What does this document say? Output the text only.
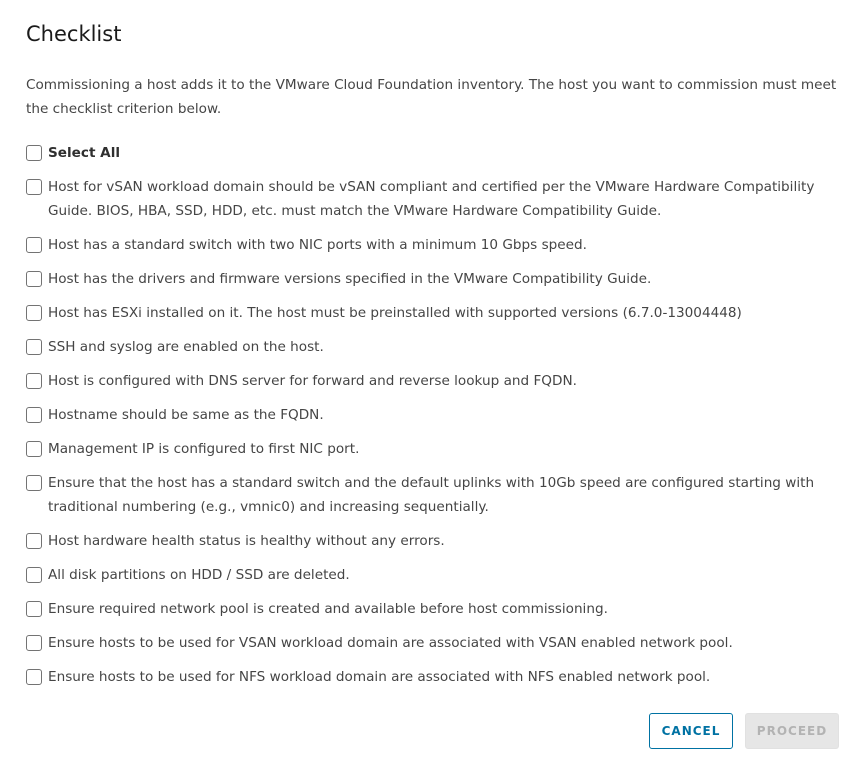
Checklist

Commissioning a host adds it to the VMware Cloud Foundation inventory. The host you want to commission must meet the checklist criterion below.

Select All
Host for vSAN workload domain should be vSAN compliant and certified per the VMware Hardware Compatibility Guide. BIOS, HBA, SSD, HDD, etc. must match the VMware Hardware Compatibility Guide.
Host has a standard switch with two NIC ports with a minimum 10 Gbps speed.
Host has the drivers and firmware versions specified in the VMware Compatibility Guide.
Host has ESXi installed on it. The host must be preinstalled with supported versions (6.7.0-13004448)
SSH and syslog are enabled on the host.
Host is configured with DNS server for forward and reverse lookup and FQDN.
Hostname should be same as the FQDN.
Management IP is configured to first NIC port.
Ensure that the host has a standard switch and the default uplinks with 10Gb speed are configured starting with traditional numbering (e.g., vmnic0) and increasing sequentially.
Host hardware health status is healthy without any errors.
All disk partitions on HDD / SSD are deleted.
Ensure required network pool is created and available before host commissioning.
Ensure hosts to be used for VSAN workload domain are associated with VSAN enabled network pool.
Ensure hosts to be used for NFS workload domain are associated with NFS enabled network pool.
CANCEL	PROCEED
